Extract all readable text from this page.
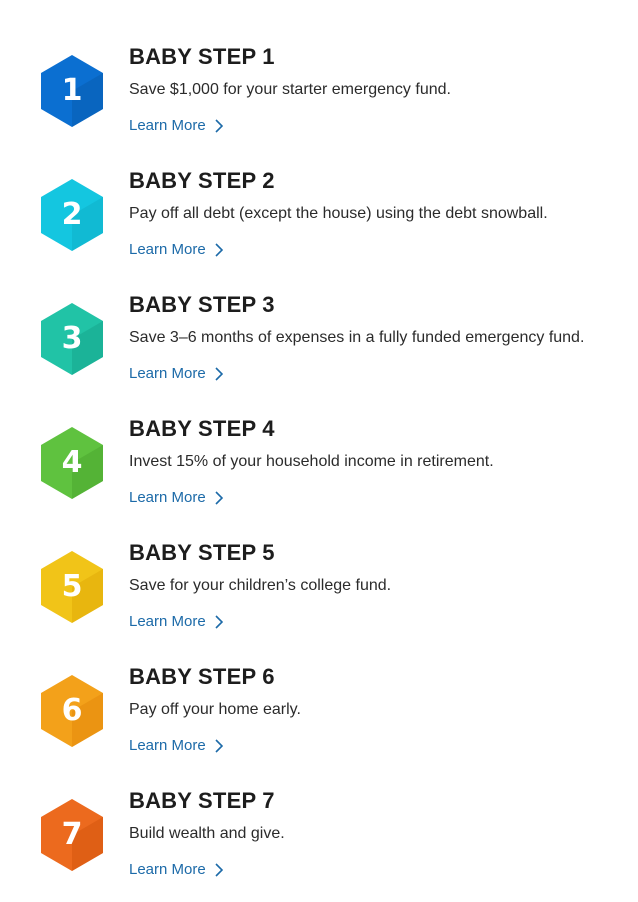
1
BABY STEP 1

Save $1,000 for your starter emergency fund.

Learn More
2
BABY STEP 2

Pay off all debt (except the house) using the debt snowball.

Learn More
3
BABY STEP 3

Save 3–6 months of expenses in a fully funded emergency fund.

Learn More
4
BABY STEP 4

Invest 15% of your household income in retirement.

Learn More
5
BABY STEP 5

Save for your children’s college fund.

Learn More
6
BABY STEP 6

Pay off your home early.

Learn More
7
BABY STEP 7

Build wealth and give.

Learn More
